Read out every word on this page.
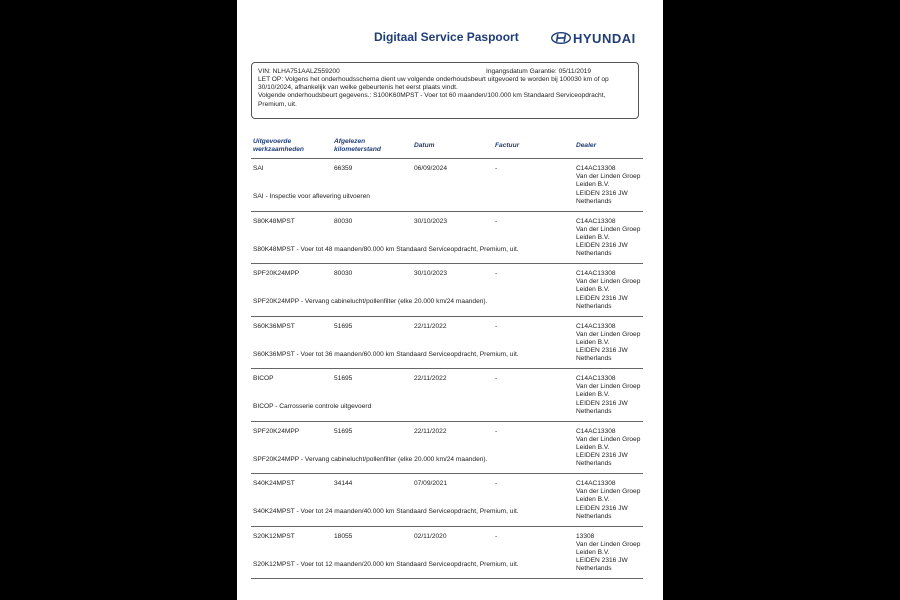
Digitaal Service Paspoort	HYUNDAI
VIN: NLHA751AALZ559200	Ingangsdatum Garantie: 05/11/2019
LET OP: Volgens het onderhoudsschema dient uw volgende onderhoudsbeurt uitgevoerd te worden bij 100030 km of op 30/10/2024, afhankelijk van welke gebeurtenis het eerst plaats vindt.
Volgende onderhoudsbeurt gegevens.: S100K60MPST - Voer tot 60 maanden/100.000 km Standaard Serviceopdracht, Premium, uit.
Uitgevoerde
werkzaamheden
Afgelezen
kilometerstand
Datum	Factuur	Dealer
SAI	66359	06/09/2024	-
SAI - Inspectie voor aflevering uitvoeren
C14AC13308
Van der Linden Groep
Leiden B.V.
LEIDEN 2316 JW
Netherlands
S80K48MPST	80030	30/10/2023	-
S80K48MPST - Voer tot 48 maanden/80.000 km Standaard Serviceopdracht, Premium, uit.
C14AC13308
Van der Linden Groep
Leiden B.V.
LEIDEN 2316 JW
Netherlands
SPF20K24MPP	80030	30/10/2023	-
SPF20K24MPP - Vervang cabinelucht/pollenfilter (elke 20.000 km/24 maanden).
C14AC13308
Van der Linden Groep
Leiden B.V.
LEIDEN 2316 JW
Netherlands
S60K36MPST	51695	22/11/2022	-
S60K36MPST - Voer tot 36 maanden/60.000 km Standaard Serviceopdracht, Premium, uit.
C14AC13308
Van der Linden Groep
Leiden B.V.
LEIDEN 2316 JW
Netherlands
BICOP	51695	22/11/2022	-
BICOP - Carrosserie controle uitgevoerd
C14AC13308
Van der Linden Groep
Leiden B.V.
LEIDEN 2316 JW
Netherlands
SPF20K24MPP	51695	22/11/2022	-
SPF20K24MPP - Vervang cabinelucht/pollenfilter (elke 20.000 km/24 maanden).
C14AC13308
Van der Linden Groep
Leiden B.V.
LEIDEN 2316 JW
Netherlands
S40K24MPST	34144	07/09/2021	-
S40K24MPST - Voer tot 24 maanden/40.000 km Standaard Serviceopdracht, Premium, uit.
C14AC13308
Van der Linden Groep
Leiden B.V.
LEIDEN 2316 JW
Netherlands
S20K12MPST	18055	02/11/2020	-
S20K12MPST - Voer tot 12 maanden/20.000 km Standaard Serviceopdracht, Premium, uit.
13308
Van der Linden Groep
Leiden B.V.
LEIDEN 2316 JW
Netherlands
